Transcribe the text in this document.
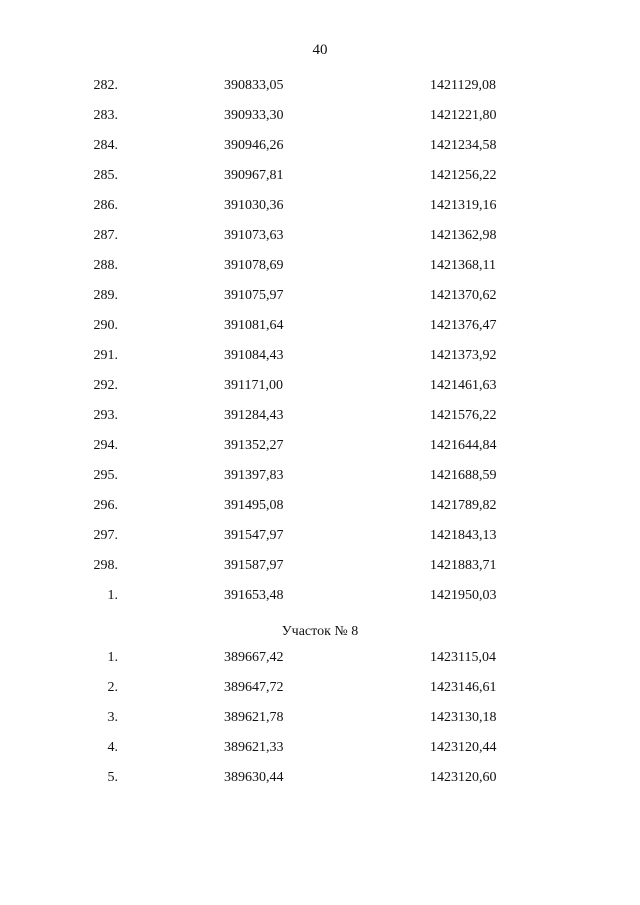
40
282.	390833,05	1421129,08
283.	390933,30	1421221,80
284.	390946,26	1421234,58
285.	390967,81	1421256,22
286.	391030,36	1421319,16
287.	391073,63	1421362,98
288.	391078,69	1421368,11
289.	391075,97	1421370,62
290.	391081,64	1421376,47
291.	391084,43	1421373,92
292.	391171,00	1421461,63
293.	391284,43	1421576,22
294.	391352,27	1421644,84
295.	391397,83	1421688,59
296.	391495,08	1421789,82
297.	391547,97	1421843,13
298.	391587,97	1421883,71
1.	391653,48	1421950,03
Участок № 8
1.	389667,42	1423115,04
2.	389647,72	1423146,61
3.	389621,78	1423130,18
4.	389621,33	1423120,44
5.	389630,44	1423120,60
